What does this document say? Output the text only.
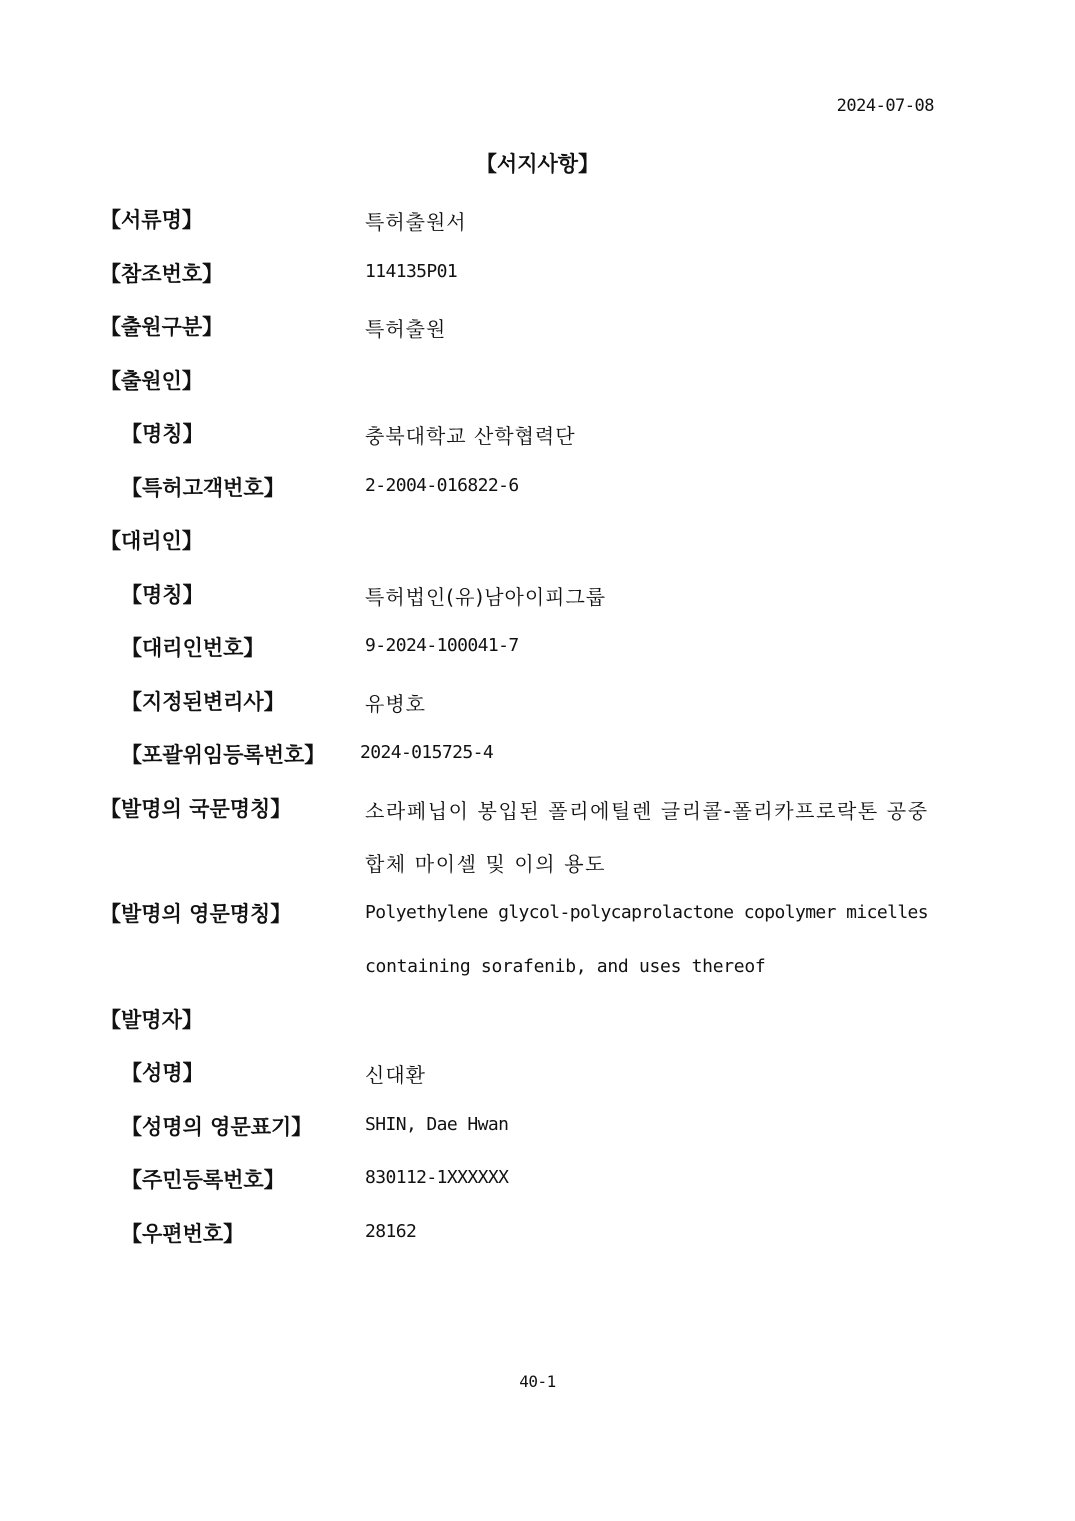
2024-07-08
【서지사항】
【서류명】	특허출원서
【참조번호】	114135P01
【출원구분】	특허출원
【출원인】
【명칭】	충북대학교 산학협력단
【특허고객번호】	2-2004-016822-6
【대리인】
【명칭】	특허법인(유)남아이피그룹
【대리인번호】	9-2024-100041-7
【지정된변리사】	유병호
【포괄위임등록번호】 2024-015725-4
【발명의 국문명칭】	소라페닙이 봉입된 폴리에틸렌 글리콜-폴리카프로락톤 공중
합체 마이셀 및 이의 용도
【발명의 영문명칭】	Polyethylene glycol-polycaprolactone copolymer micelles
containing sorafenib, and uses thereof
【발명자】
【성명】	신대환
【성명의 영문표기】	SHIN, Dae Hwan
【주민등록번호】	830112-1XXXXXX
【우편번호】	28162
40-1
